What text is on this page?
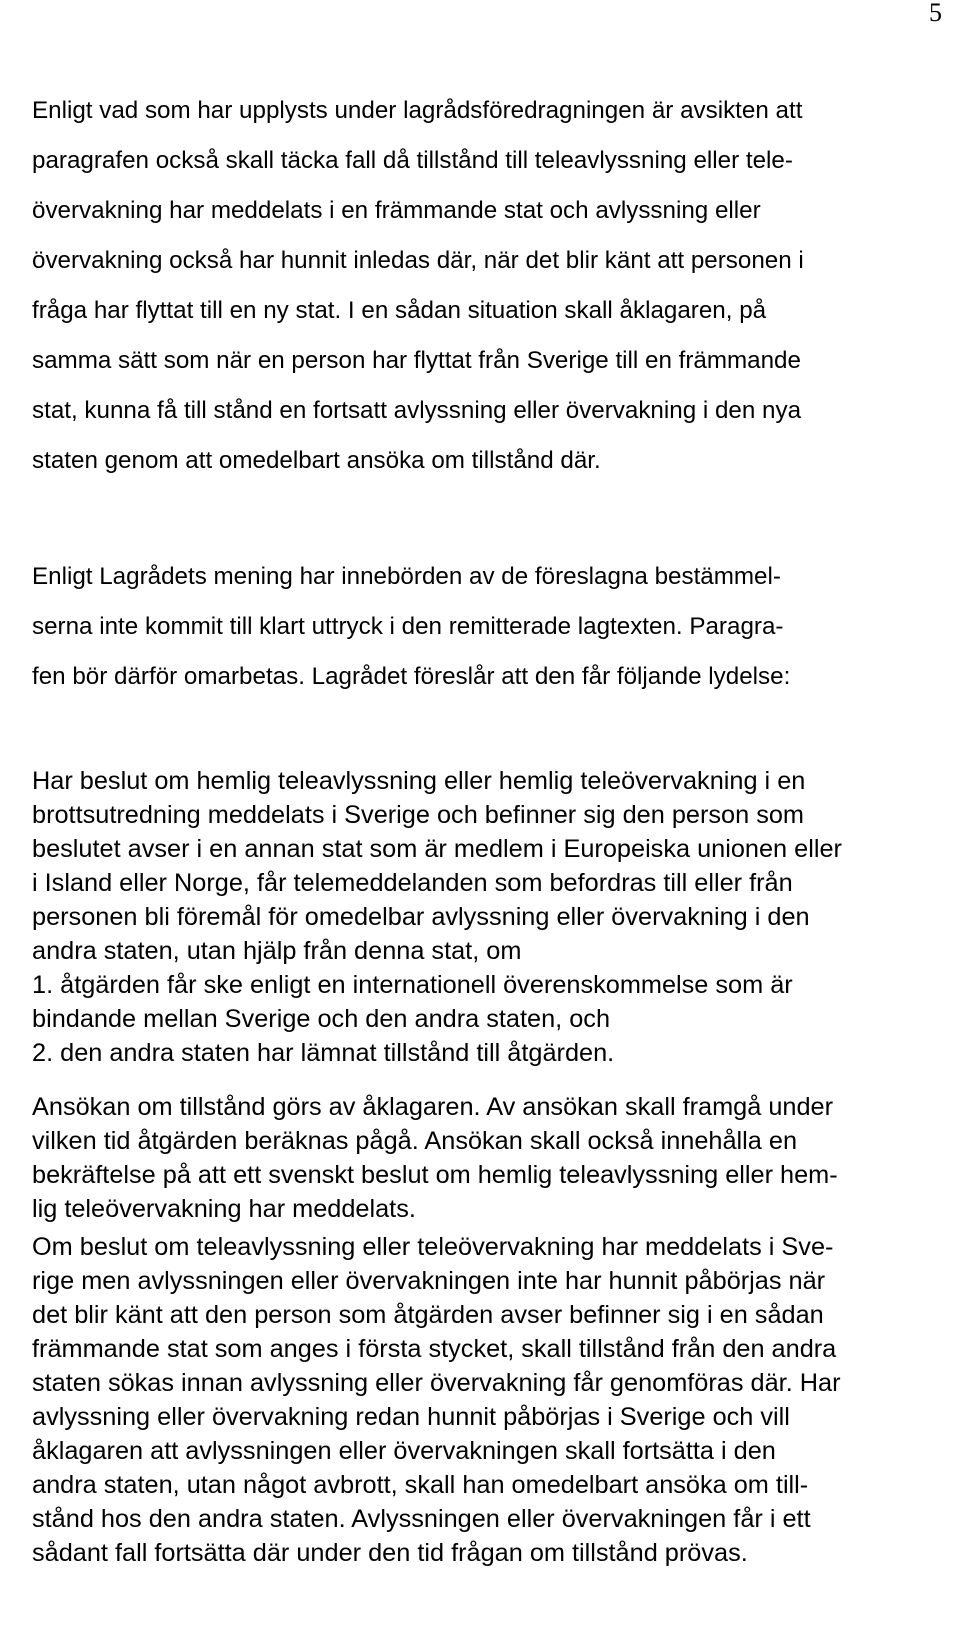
5

Enligt vad som har upplysts under lagrådsföredragningen är avsikten att
paragrafen också skall täcka fall då tillstånd till teleavlyssning eller tele-
övervakning har meddelats i en främmande stat och avlyssning eller
övervakning också har hunnit inledas där, när det blir känt att personen i
fråga har flyttat till en ny stat. I en sådan situation skall åklagaren, på
samma sätt som när en person har flyttat från Sverige till en främmande
stat, kunna få till stånd en fortsatt avlyssning eller övervakning i den nya
staten genom att omedelbart ansöka om tillstånd där.

Enligt Lagrådets mening har innebörden av de föreslagna bestämmel-
serna inte kommit till klart uttryck i den remitterade lagtexten. Paragra-
fen bör därför omarbetas. Lagrådet föreslår att den får följande lydelse:

Har beslut om hemlig teleavlyssning eller hemlig teleövervakning i en
brottsutredning meddelats i Sverige och befinner sig den person som
beslutet avser i en annan stat som är medlem i Europeiska unionen eller
i Island eller Norge, får telemeddelanden som befordras till eller från
personen bli föremål för omedelbar avlyssning eller övervakning i den
andra staten, utan hjälp från denna stat, om
1. åtgärden får ske enligt en internationell överenskommelse som är
bindande mellan Sverige och den andra staten, och
2. den andra staten har lämnat tillstånd till åtgärden.

Ansökan om tillstånd görs av åklagaren. Av ansökan skall framgå under
vilken tid åtgärden beräknas pågå. Ansökan skall också innehålla en
bekräftelse på att ett svenskt beslut om hemlig teleavlyssning eller hem-
lig teleövervakning har meddelats.

Om beslut om teleavlyssning eller teleövervakning har meddelats i Sve-
rige men avlyssningen eller övervakningen inte har hunnit påbörjas när
det blir känt att den person som åtgärden avser befinner sig i en sådan
främmande stat som anges i första stycket, skall tillstånd från den andra
staten sökas innan avlyssning eller övervakning får genomföras där. Har
avlyssning eller övervakning redan hunnit påbörjas i Sverige och vill
åklagaren att avlyssningen eller övervakningen skall fortsätta i den
andra staten, utan något avbrott, skall han omedelbart ansöka om till-
stånd hos den andra staten. Avlyssningen eller övervakningen får i ett
sådant fall fortsätta där under den tid frågan om tillstånd prövas.
